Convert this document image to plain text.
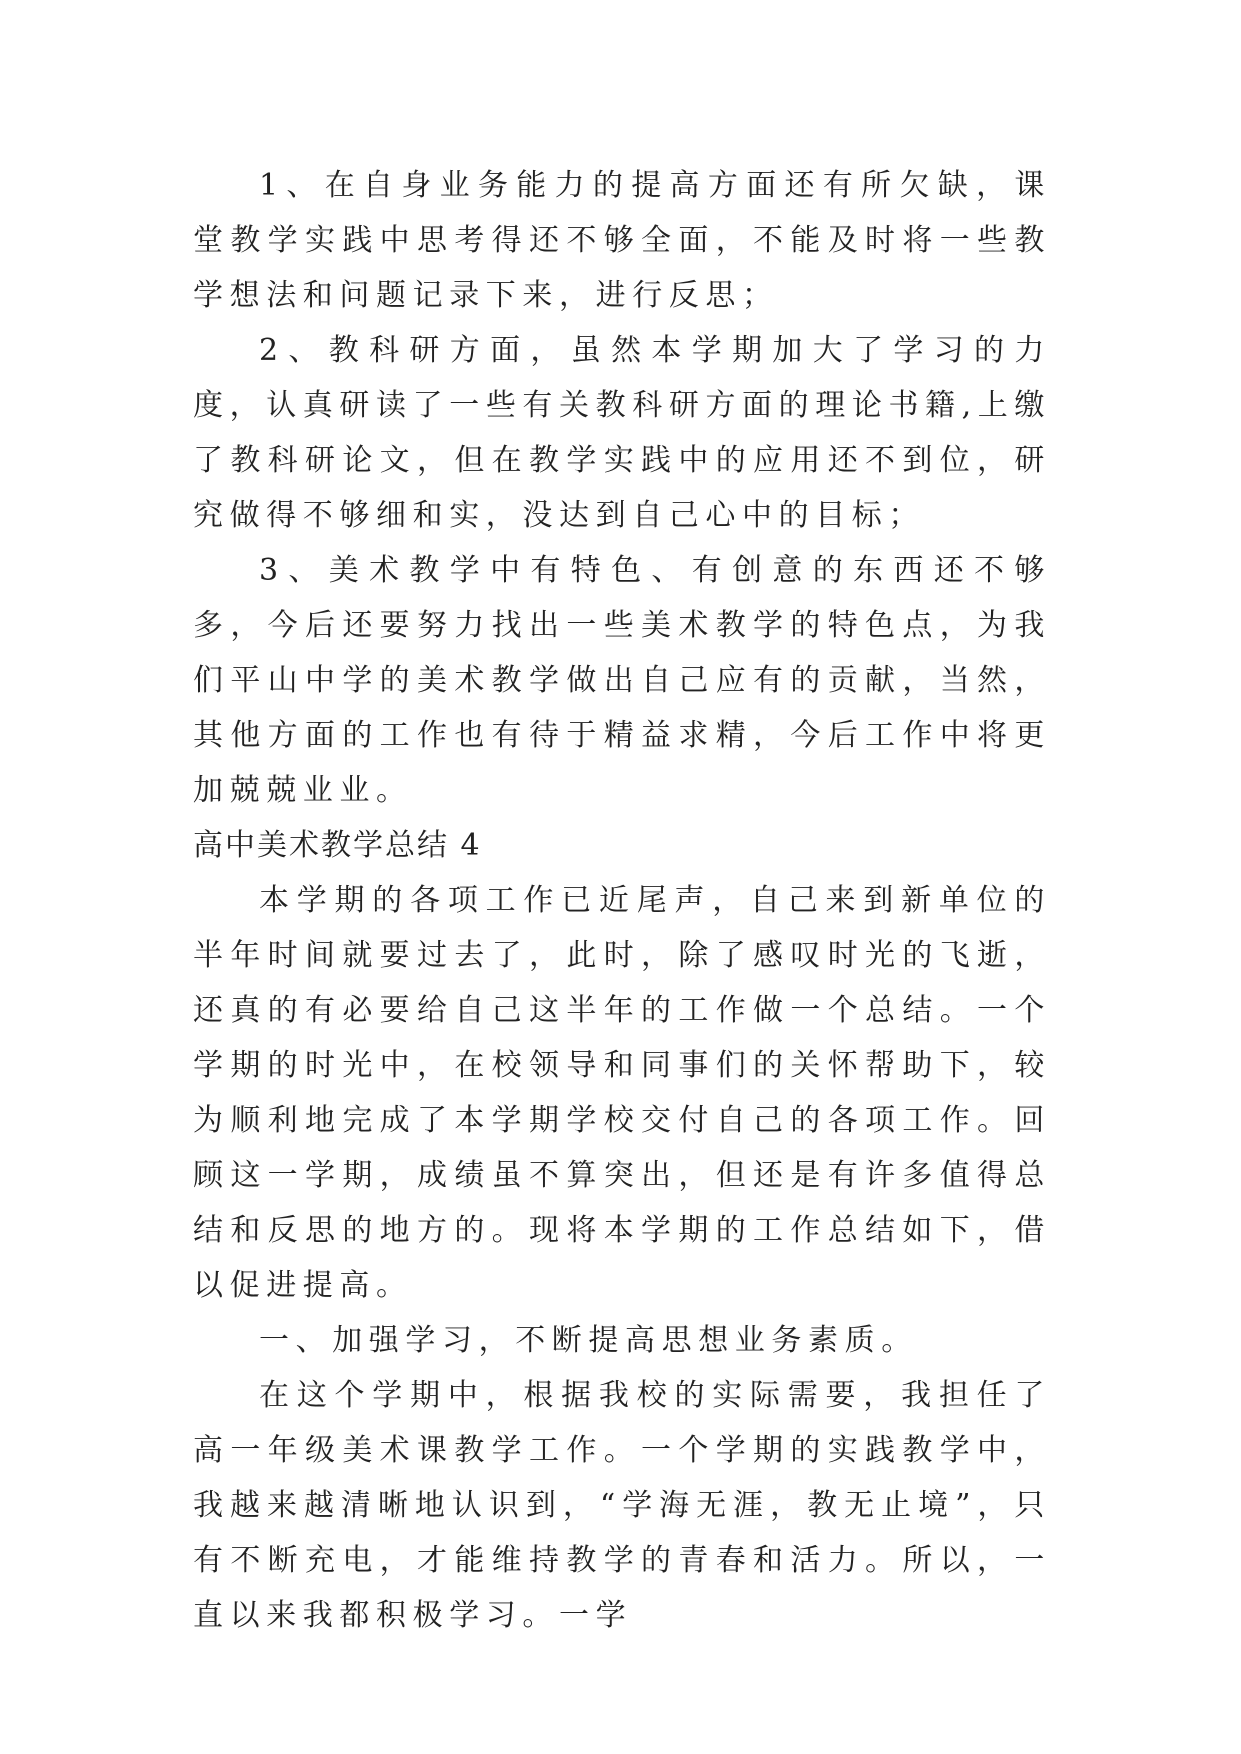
1、在自身业务能力的提高方面还有所欠缺，课堂教学实践中思考得还不够全面，不能及时将一些教学想法和问题记录下来，进行反思；

2、教科研方面，虽然本学期加大了学习的力度，认真研读了一些有关教科研方面的理论书籍,上缴了教科研论文，但在教学实践中的应用还不到位，研究做得不够细和实，没达到自己心中的目标；

3、美术教学中有特色、有创意的东西还不够多，今后还要努力找出一些美术教学的特色点，为我们平山中学的美术教学做出自己应有的贡献，当然，其他方面的工作也有待于精益求精，今后工作中将更加兢兢业业。

高中美术教学总结 4

本学期的各项工作已近尾声，自己来到新单位的半年时间就要过去了，此时，除了感叹时光的飞逝，还真的有必要给自己这半年的工作做一个总结。一个学期的时光中，在校领导和同事们的关怀帮助下，较为顺利地完成了本学期学校交付自己的各项工作。回顾这一学期，成绩虽不算突出，但还是有许多值得总结和反思的地方的。现将本学期的工作总结如下，借以促进提高。

一、加强学习，不断提高思想业务素质。

在这个学期中，根据我校的实际需要，我担任了高一年级美术课教学工作。一个学期的实践教学中，我越来越清晰地认识到，“学海无涯，教无止境”，只有不断充电，才能维持教学的青春和活力。所以，一直以来我都积极学习。一学
